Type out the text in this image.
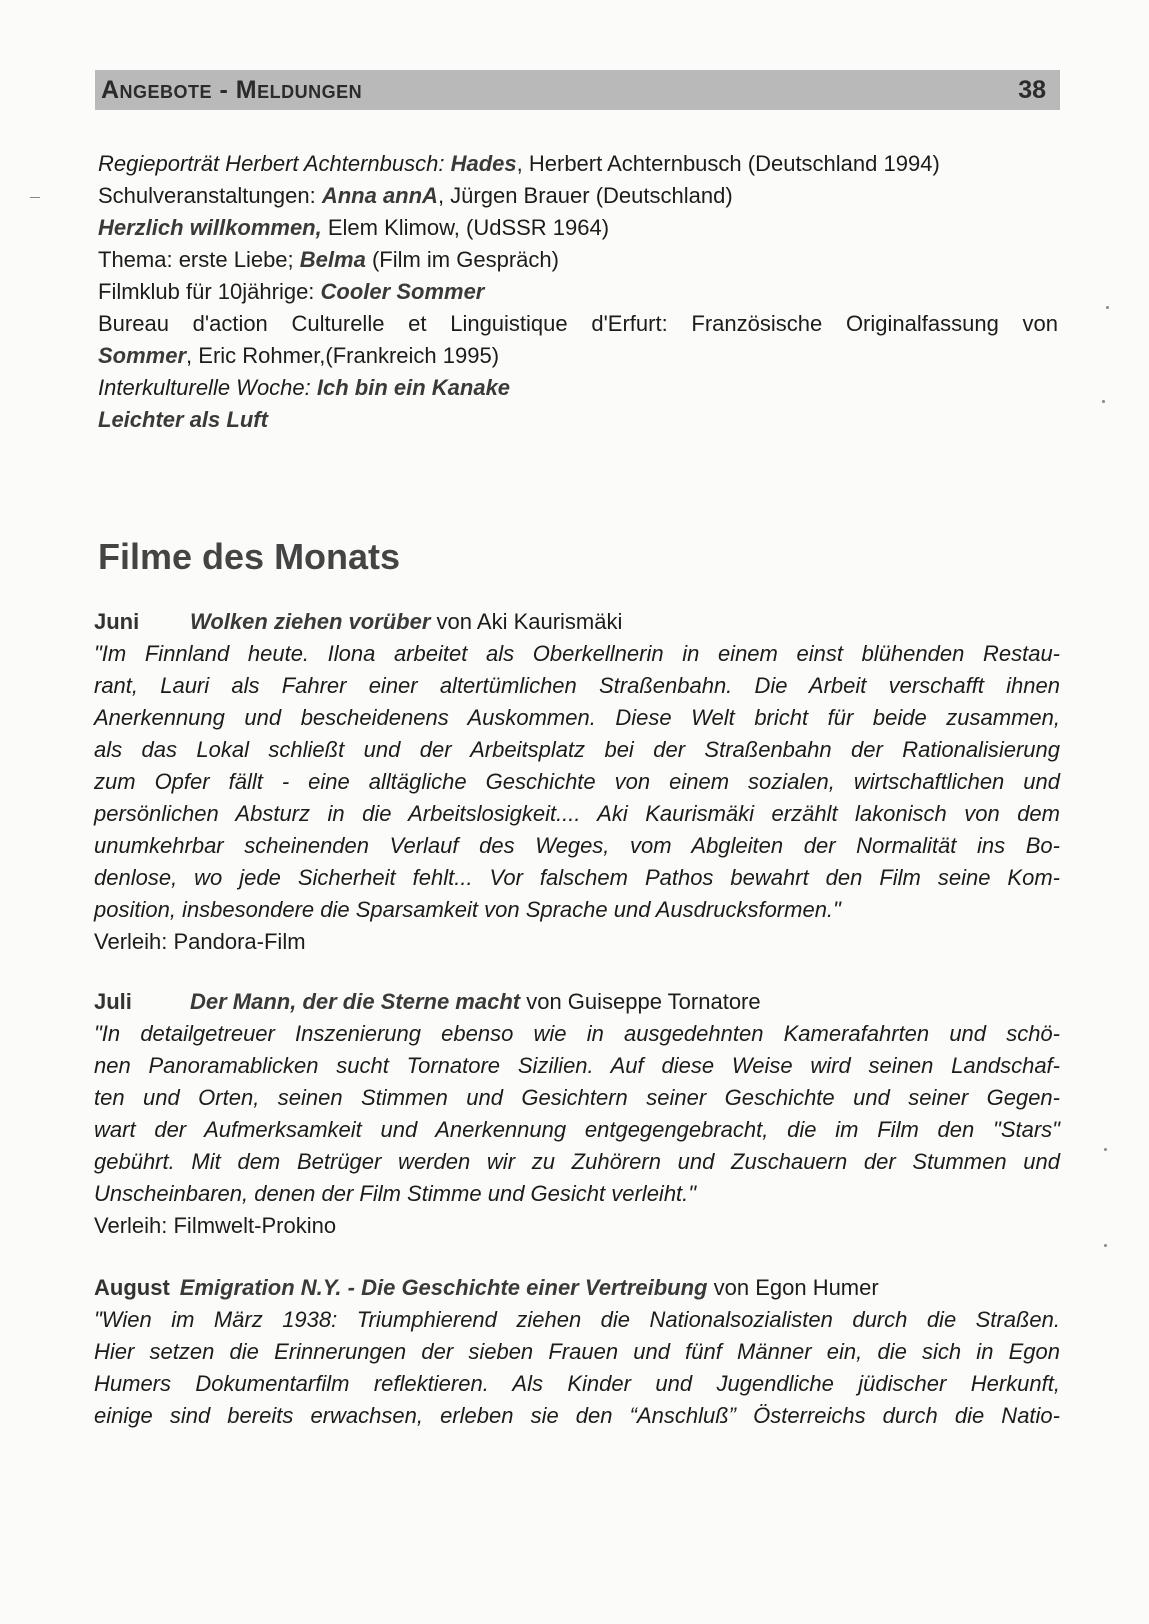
Angebote - Meldungen	38
Regieporträt Herbert Achternbusch: Hades, Herbert Achternbusch (Deutschland 1994)
Schulveranstaltungen: Anna annA, Jürgen Brauer (Deutschland)
Herzlich willkommen, Elem Klimow, (UdSSR 1964)
Thema: erste Liebe; Belma (Film im Gespräch)
Filmklub für 10jährige: Cooler Sommer
Bureau d'action Culturelle et Linguistique d'Erfurt: Französische Originalfassung von
Sommer, Eric Rohmer,(Frankreich 1995)
Interkulturelle Woche: Ich bin ein Kanake
Leichter als Luft
Filme des Monats
Juni Wolken ziehen vorüber von Aki Kaurismäki
"Im Finnland heute. Ilona arbeitet als Oberkellnerin in einem einst blühenden Restau-
rant, Lauri als Fahrer einer altertümlichen Straßenbahn. Die Arbeit verschafft ihnen
Anerkennung und bescheidenens Auskommen. Diese Welt bricht für beide zusammen,
als das Lokal schließt und der Arbeitsplatz bei der Straßenbahn der Rationalisierung
zum Opfer fällt - eine alltägliche Geschichte von einem sozialen, wirtschaftlichen und
persönlichen Absturz in die Arbeitslosigkeit.... Aki Kaurismäki erzählt lakonisch von dem
unumkehrbar scheinenden Verlauf des Weges, vom Abgleiten der Normalität ins Bo-
denlose, wo jede Sicherheit fehlt... Vor falschem Pathos bewahrt den Film seine Kom-
position, insbesondere die Sparsamkeit von Sprache und Ausdrucksformen."
Verleih: Pandora-Film
Juli	Der Mann, der die Sterne macht von Guiseppe Tornatore
"In detailgetreuer Inszenierung ebenso wie in ausgedehnten Kamerafahrten und schö-
nen Panoramablicken sucht Tornatore Sizilien. Auf diese Weise wird seinen Landschaf-
ten und Orten, seinen Stimmen und Gesichtern seiner Geschichte und seiner Gegen-
wart der Aufmerksamkeit und Anerkennung entgegengebracht, die im Film den "Stars"
gebührt. Mit dem Betrüger werden wir zu Zuhörern und Zuschauern der Stummen und
Unscheinbaren, denen der Film Stimme und Gesicht verleiht."
Verleih: Filmwelt-Prokino
August Emigration N.Y. - Die Geschichte einer Vertreibung von Egon Humer
"Wien im März 1938: Triumphierend ziehen die Nationalsozialisten durch die Straßen.
Hier setzen die Erinnerungen der sieben Frauen und fünf Männer ein, die sich in Egon
Humers Dokumentarfilm reflektieren. Als Kinder und Jugendliche jüdischer Herkunft,
einige sind bereits erwachsen, erleben sie den “Anschluß” Österreichs durch die Natio-
